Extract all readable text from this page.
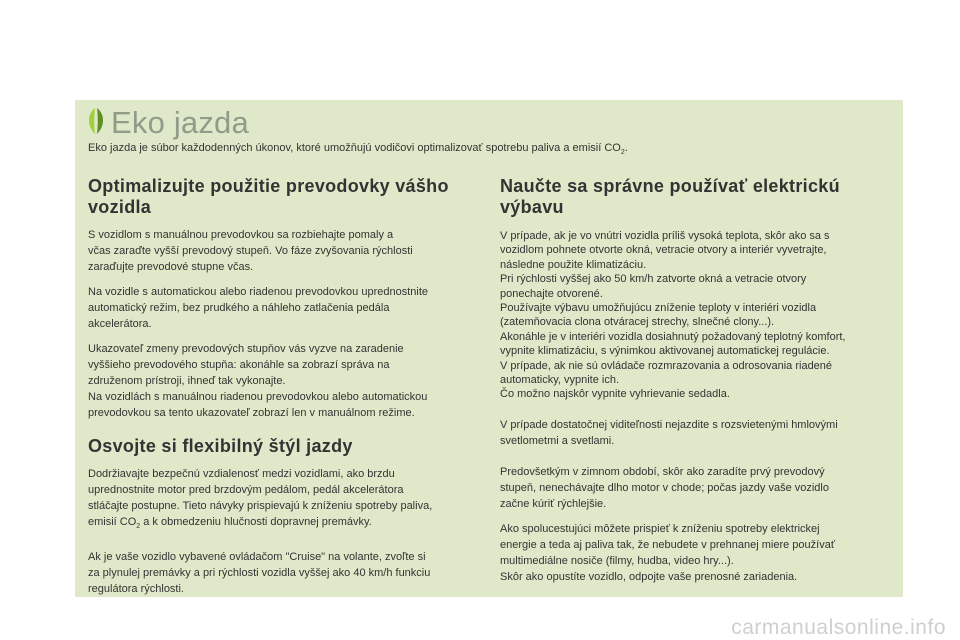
Eko jazda
Eko jazda je súbor každodenných úkonov, ktoré umožňujú vodičovi optimalizovať spotrebu paliva a emisií $CO_2$.
Optimalizujte použitie prevodovky vášho vozidla

S vozidlom s manuálnou prevodovkou sa rozbiehajte pomaly a
včas zaraďte vyšší prevodový stupeň. Vo fáze zvyšovania rýchlosti
zaraďujte prevodové stupne včas.

Na vozidle s automatickou alebo riadenou prevodovkou uprednostnite
automatický režim, bez prudkého a náhleho zatlačenia pedála
akcelerátora.

Ukazovateľ zmeny prevodových stupňov vás vyzve na zaradenie
vyššieho prevodového stupňa: akonáhle sa zobrazí správa na
združenom prístroji, ihneď tak vykonajte.
Na vozidlách s manuálnou riadenou prevodovkou alebo automatickou
prevodovkou sa tento ukazovateľ zobrazí len v manuálnom režime.

Osvojte si flexibilný štýl jazdy

Dodržiavajte bezpečnú vzdialenosť medzi vozidlami, ako brzdu
uprednostnite motor pred brzdovým pedálom, pedál akcelerátora
stláčajte postupne. Tieto návyky prispievajú k zníženiu spotreby paliva,
emisií $CO_2$ a k obmedzeniu hlučnosti dopravnej premávky.

Ak je vaše vozidlo vybavené ovládačom "Cruise" na volante, zvoľte si
za plynulej premávky a pri rýchlosti vozidla vyššej ako 40 km/h funkciu
regulátora rýchlosti.

Naučte sa správne používať elektrickú výbavu

V prípade, ak je vo vnútri vozidla príliš vysoká teplota, skôr ako sa s
vozidlom pohnete otvorte okná, vetracie otvory a interiér vyvetrajte,
následne použite klimatizáciu.
Pri rýchlosti vyššej ako 50 km/h zatvorte okná a vetracie otvory
ponechajte otvorené.
Používajte výbavu umožňujúcu zníženie teploty v interiéri vozidla
(zatemňovacia clona otváracej strechy, slnečné clony...).
Akonáhle je v interiéri vozidla dosiahnutý požadovaný teplotný komfort,
vypnite klimatizáciu, s výnimkou aktivovanej automatickej regulácie.
V prípade, ak nie sú ovládače rozmrazovania a odrosovania riadené
automaticky, vypnite ich.
Čo možno najskôr vypnite vyhrievanie sedadla.

V prípade dostatočnej viditeľnosti nejazdite s rozsvietenými hmlovými
svetlometmi a svetlami.

Predovšetkým v zimnom období, skôr ako zaradíte prvý prevodový
stupeň, nenechávajte dlho motor v chode; počas jazdy vaše vozidlo
začne kúriť rýchlejšie.

Ako spolucestujúci môžete prispieť k zníženiu spotreby elektrickej
energie a teda aj paliva tak, že nebudete v prehnanej miere používať
multimediálne nosiče (filmy, hudba, video hry...).
Skôr ako opustíte vozidlo, odpojte vaše prenosné zariadenia.

carmanualsonline.info
